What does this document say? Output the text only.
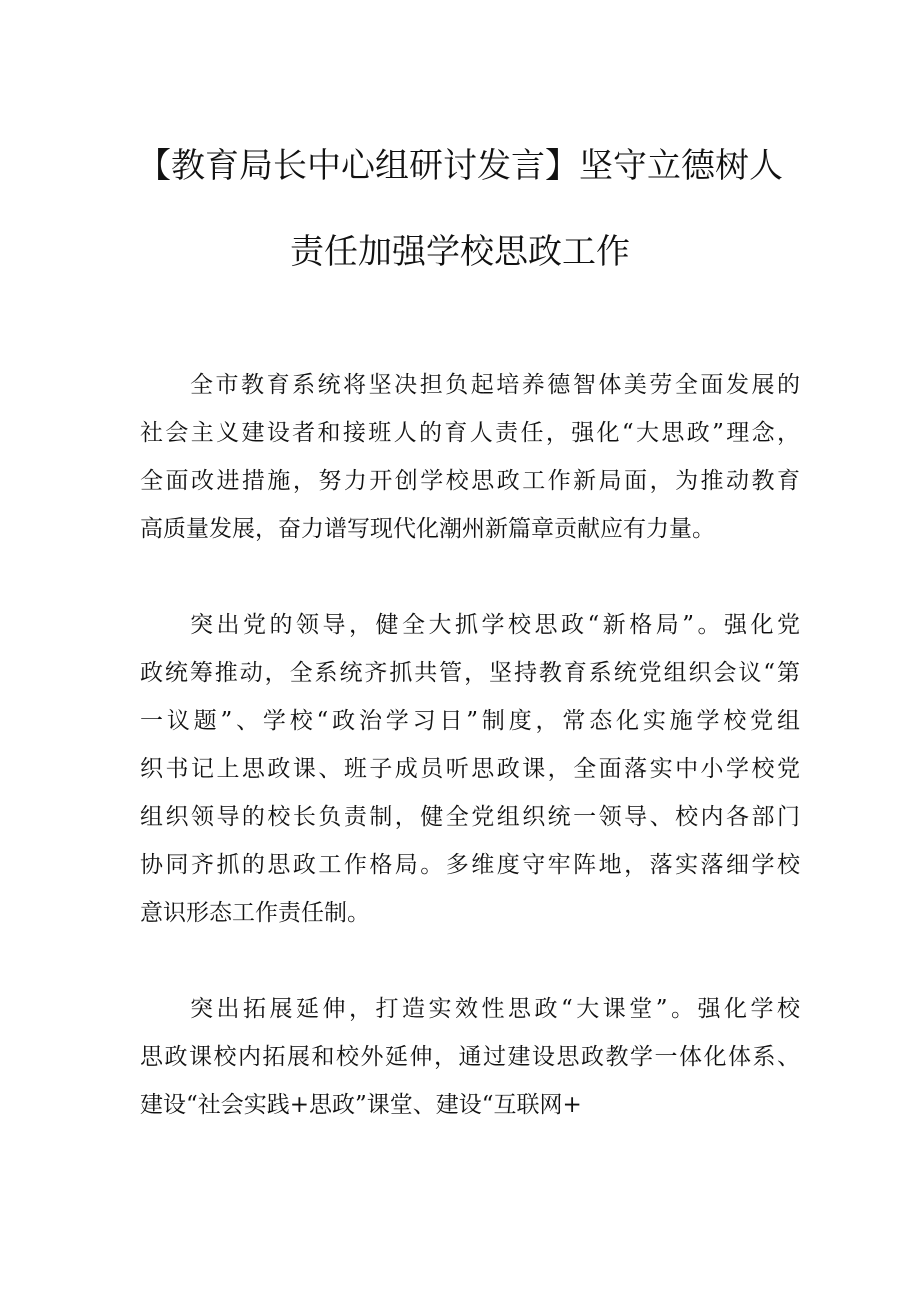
【教育局长中心组研讨发言】坚守立德树人
责任加强学校思政工作
全市教育系统将坚决担负起培养德智体美劳全面发展的
社会主义建设者和接班人的育人责任，强化“大思政”理念，
全面改进措施，努力开创学校思政工作新局面，为推动教育
高质量发展，奋力谱写现代化潮州新篇章贡献应有力量。
突出党的领导，健全大抓学校思政“新格局”。强化党
政统筹推动，全系统齐抓共管，坚持教育系统党组织会议“第
一议题”、学校“政治学习日”制度，常态化实施学校党组
织书记上思政课、班子成员听思政课，全面落实中小学校党
组织领导的校长负责制，健全党组织统一领导、校内各部门
协同齐抓的思政工作格局。多维度守牢阵地，落实落细学校
意识形态工作责任制。
突出拓展延伸，打造实效性思政“大课堂”。强化学校
思政课校内拓展和校外延伸，通过建设思政教学一体化体系、
建设“社会实践+思政”课堂、建设“互联网+
